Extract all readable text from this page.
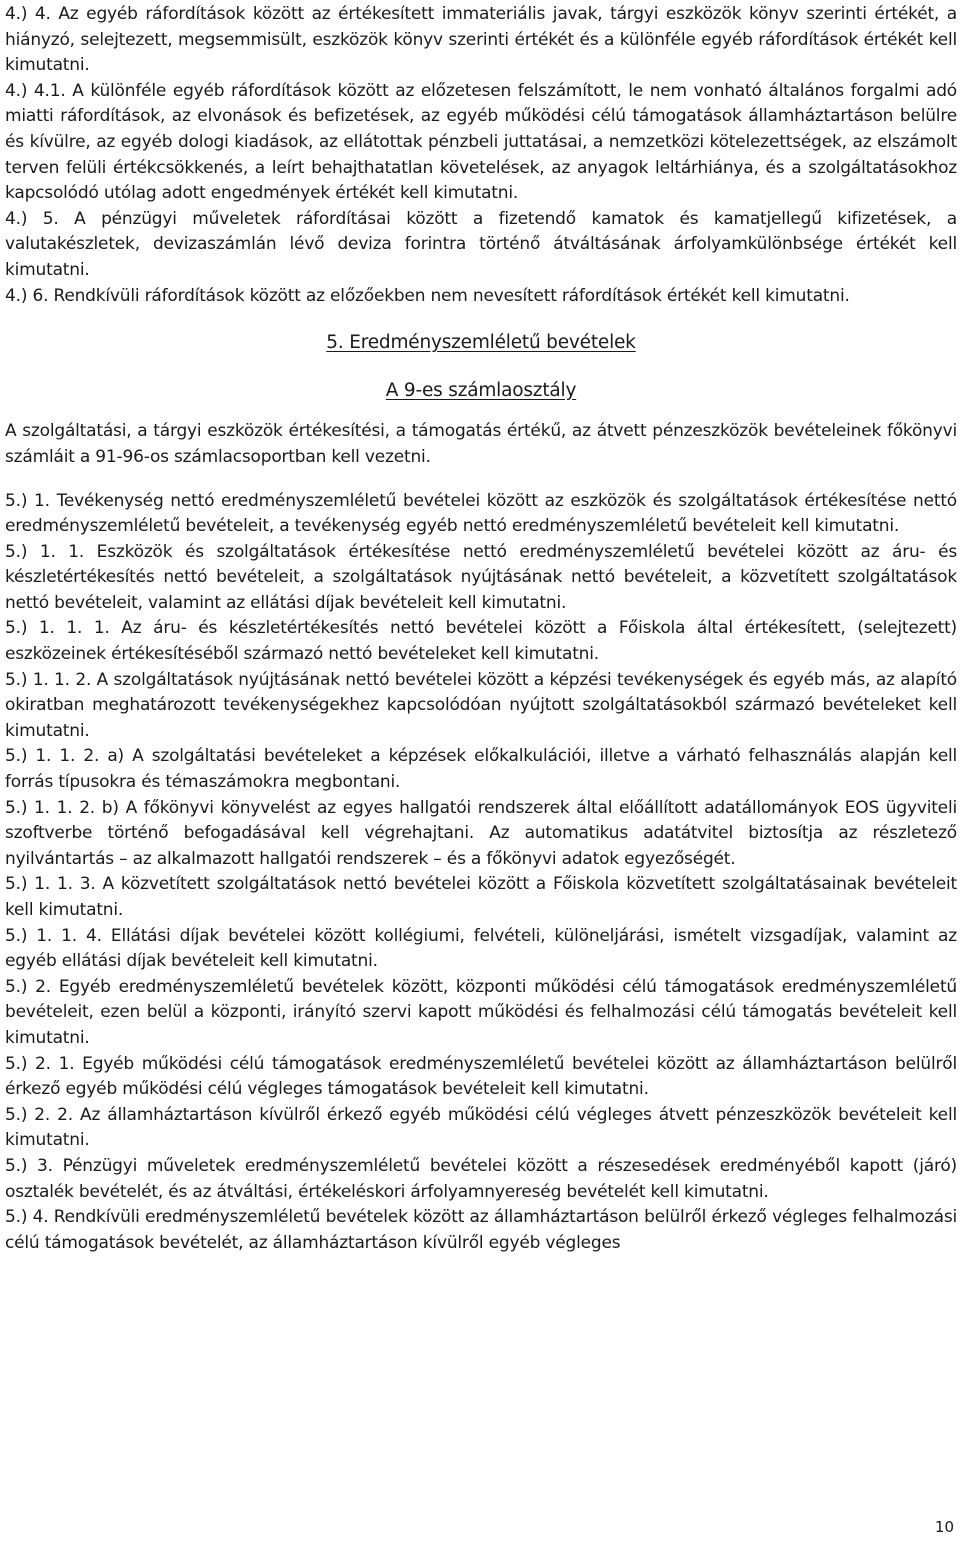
4.) 4. Az egyéb ráfordítások között az értékesített immateriális javak, tárgyi eszközök könyv szerinti értékét, a hiányzó, selejtezett, megsemmisült, eszközök könyv szerinti értékét és a különféle egyéb ráfordítások értékét kell kimutatni.

4.) 4.1. A különféle egyéb ráfordítások között az előzetesen felszámított, le nem vonható általános forgalmi adó miatti ráfordítások, az elvonások és befizetések, az egyéb működési célú támogatások államháztartáson belülre és kívülre, az egyéb dologi kiadások, az ellátottak pénzbeli juttatásai, a nemzetközi kötelezettségek, az elszámolt terven felüli értékcsökkenés, a leírt behajthatatlan követelések, az anyagok leltárhiánya, és a szolgáltatásokhoz kapcsolódó utólag adott engedmények értékét kell kimutatni.

4.) 5. A pénzügyi műveletek ráfordításai között a fizetendő kamatok és kamatjellegű kifizetések, a valutakészletek, devizaszámlán lévő deviza forintra történő átváltásának árfolyamkülönbsége értékét kell kimutatni.

4.) 6. Rendkívüli ráfordítások között az előzőekben nem nevesített ráfordítások értékét kell kimutatni.

5. Eredményszemléletű bevételek

A 9-es számlaosztály

A szolgáltatási, a tárgyi eszközök értékesítési, a támogatás értékű, az átvett pénzeszközök bevételeinek főkönyvi számláit a 91-96-os számlacsoportban kell vezetni.

5.) 1. Tevékenység nettó eredményszemléletű bevételei között az eszközök és szolgáltatások értékesítése nettó eredményszemléletű bevételeit, a tevékenység egyéb nettó eredményszemléletű bevételeit kell kimutatni.

5.) 1. 1. Eszközök és szolgáltatások értékesítése nettó eredményszemléletű bevételei között az áru- és készletértékesítés nettó bevételeit, a szolgáltatások nyújtásának nettó bevételeit, a közvetített szolgáltatások nettó bevételeit, valamint az ellátási díjak bevételeit kell kimutatni.

5.) 1. 1. 1. Az áru- és készletértékesítés nettó bevételei között a Főiskola által értékesített, (selejtezett) eszközeinek értékesítéséből származó nettó bevételeket kell kimutatni.

5.) 1. 1. 2. A szolgáltatások nyújtásának nettó bevételei között a képzési tevékenységek és egyéb más, az alapító okiratban meghatározott tevékenységekhez kapcsolódóan nyújtott szolgáltatásokból származó bevételeket kell kimutatni.

5.) 1. 1. 2. a) A szolgáltatási bevételeket a képzések előkalkulációi, illetve a várható felhasználás alapján kell forrás típusokra és témaszámokra megbontani.

5.) 1. 1. 2. b) A főkönyvi könyvelést az egyes hallgatói rendszerek által előállított adatállományok EOS ügyviteli szoftverbe történő befogadásával kell végrehajtani. Az automatikus adatátvitel biztosítja az részletező nyilvántartás – az alkalmazott hallgatói rendszerek – és a főkönyvi adatok egyezőségét.

5.) 1. 1. 3. A közvetített szolgáltatások nettó bevételei között a Főiskola közvetített szolgáltatásainak bevételeit kell kimutatni.

5.) 1. 1. 4. Ellátási díjak bevételei között kollégiumi, felvételi, különeljárási, ismételt vizsgadíjak, valamint az egyéb ellátási díjak bevételeit kell kimutatni.

5.) 2. Egyéb eredményszemléletű bevételek között, központi működési célú támogatások eredményszemléletű bevételeit, ezen belül a központi, irányító szervi kapott működési és felhalmozási célú támogatás bevételeit kell kimutatni.

5.) 2. 1. Egyéb működési célú támogatások eredményszemléletű bevételei között az államháztartáson belülről érkező egyéb működési célú végleges támogatások bevételeit kell kimutatni.

5.) 2. 2. Az államháztartáson kívülről érkező egyéb működési célú végleges átvett pénzeszközök bevételeit kell kimutatni.

5.) 3. Pénzügyi műveletek eredményszemléletű bevételei között a részesedések eredményéből kapott (járó) osztalék bevételét, és az átváltási, értékeléskori árfolyamnyereség bevételét kell kimutatni.

5.) 4. Rendkívüli eredményszemléletű bevételek között az államháztartáson belülről érkező végleges felhalmozási célú támogatások bevételét, az államháztartáson kívülről egyéb végleges

10
